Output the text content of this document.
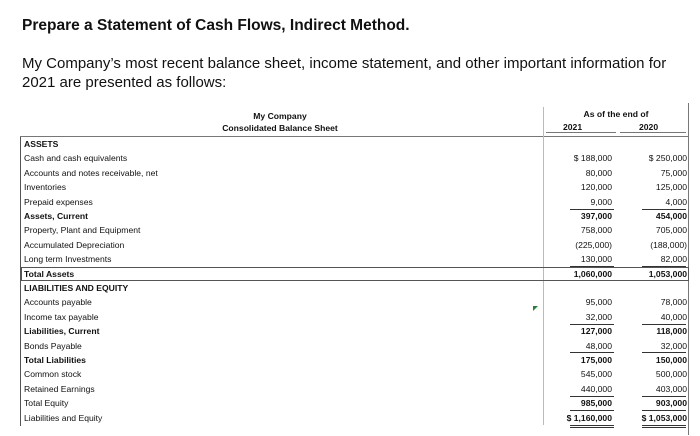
Prepare a Statement of Cash Flows, Indirect Method.
My Company’s most recent balance sheet, income statement, and other important information for 2021 are presented as follows:
My Company
Consolidated Balance Sheet
As of the end of
2021	2020
ASSETS
Cash and cash equivalents	$ 188,000	$ 250,000
Accounts and notes receivable, net	80,000	75,000
Inventories	120,000	125,000
Prepaid expenses	9,000	4,000
Assets, Current	397,000	454,000
Property, Plant and Equipment	758,000	705,000
Accumulated Depreciation	(225,000)	(188,000)
Long term Investments	130,000	82,000
Total Assets	1,060,000	1,053,000
LIABILITIES AND EQUITY
Accounts payable	95,000	78,000
Income tax payable	32,000	40,000
Liabilities, Current	127,000	118,000
Bonds Payable	48,000	32,000
Total Liabilities	175,000	150,000
Common stock	545,000	500,000
Retained Earnings	440,000	403,000
Total Equity	985,000	903,000
Liabilities and Equity	$ 1,160,000	$ 1,053,000
